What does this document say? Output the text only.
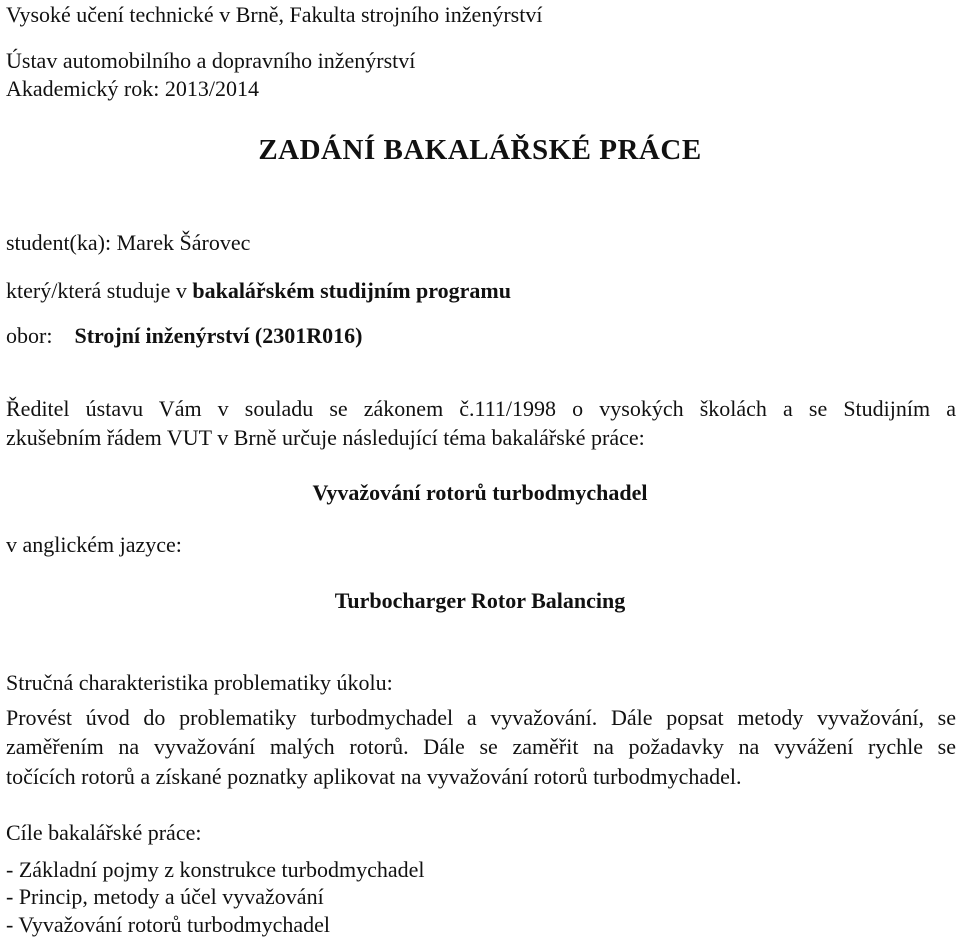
Vysoké učení technické v Brně, Fakulta strojního inženýrství
Ústav automobilního a dopravního inženýrství
Akademický rok: 2013/2014
ZADÁNÍ BAKALÁŘSKÉ PRÁCE
student(ka): Marek Šárovec
který/která studuje v bakalářském studijním programu
obor: Strojní inženýrství (2301R016)
Ředitel ústavu Vám v souladu se zákonem č.111/1998 o vysokých školách a se Studijním a
zkušebním řádem VUT v Brně určuje následující téma bakalářské práce:
Vyvažování rotorů turbodmychadel
v anglickém jazyce:
Turbocharger Rotor Balancing
Stručná charakteristika problematiky úkolu:
Provést úvod do problematiky turbodmychadel a vyvažování. Dále popsat metody vyvažování, se
zaměřením na vyvažování malých rotorů. Dále se zaměřit na požadavky na vyvážení rychle se
točících rotorů a získané poznatky aplikovat na vyvažování rotorů turbodmychadel.
Cíle bakalářské práce:
- Základní pojmy z konstrukce turbodmychadel
- Princip, metody a účel vyvažování
- Vyvažování rotorů turbodmychadel
